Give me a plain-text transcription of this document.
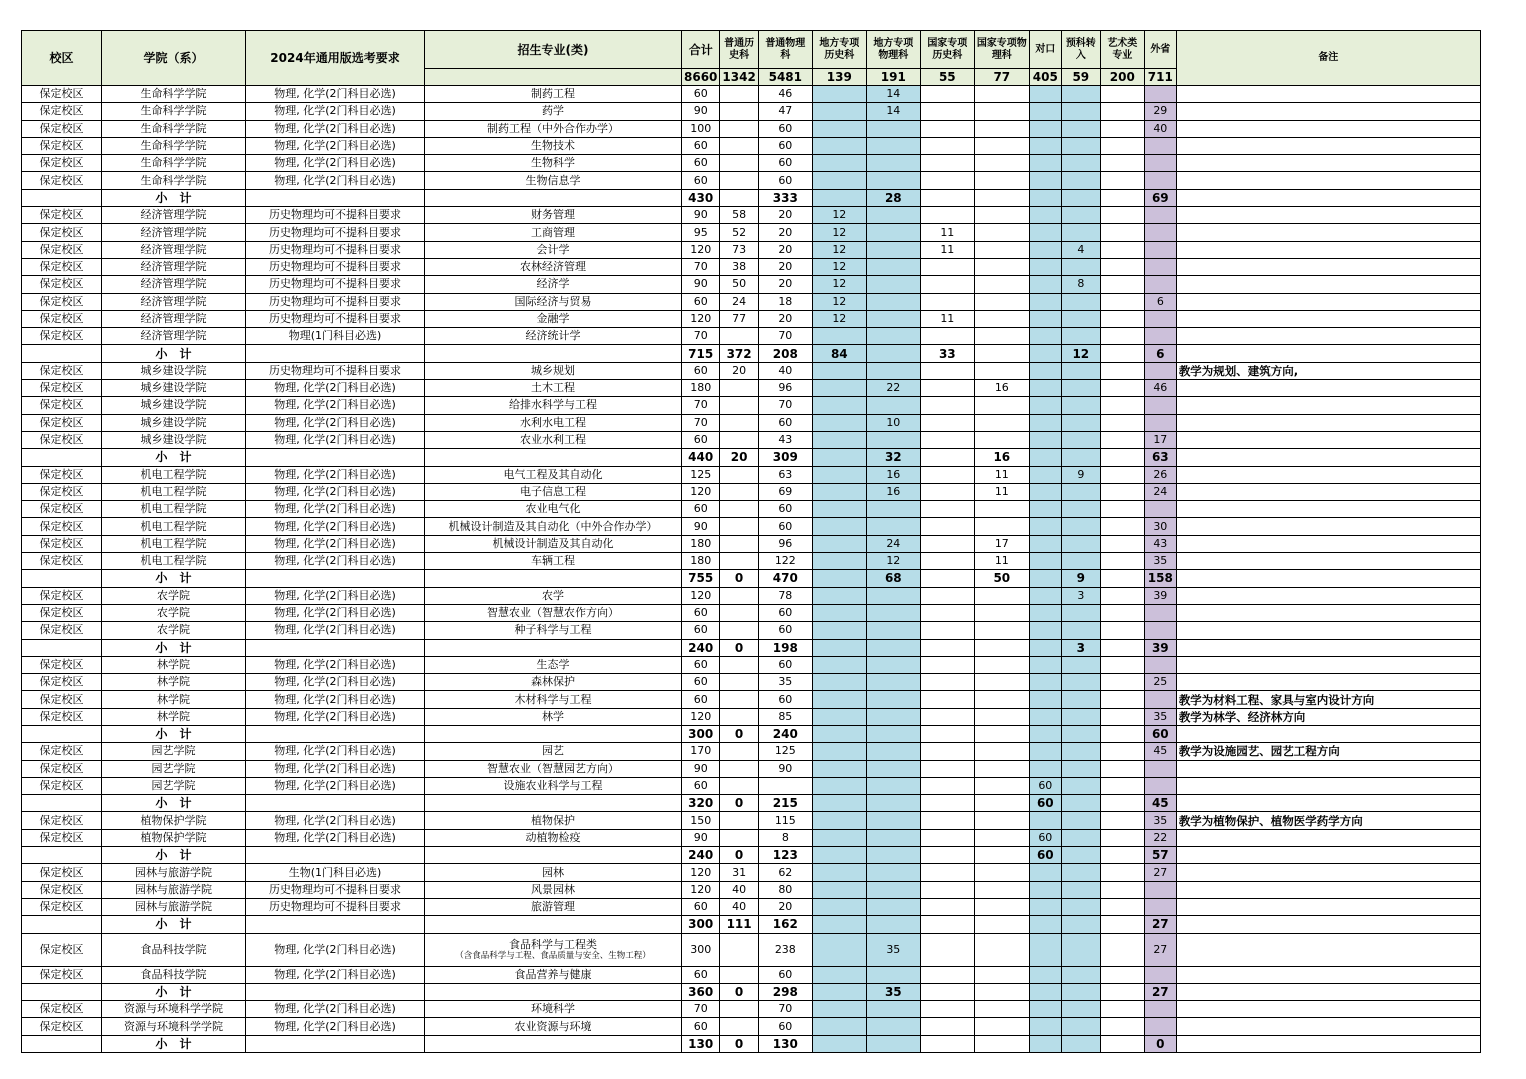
校区	学院（系）	2024年通用版选考要求	招生专业(类)	合计	普通历史科	普通物理科	地方专项历史科	地方专项物理科	国家专项历史科	国家专项物理科	对口	预科转入	艺术类专业	外省	备注
				8660	1342	5481	139	191	55	77	405	59	200	711	
保定校区	生命科学学院	物理, 化学(2门科目必选)	制药工程	60		46		14							
保定校区	生命科学学院	物理, 化学(2门科目必选)	药学	90		47		14						29	
保定校区	生命科学学院	物理, 化学(2门科目必选)	制药工程（中外合作办学）	100		60								40	
保定校区	生命科学学院	物理, 化学(2门科目必选)	生物技术	60		60									
保定校区	生命科学学院	物理, 化学(2门科目必选)	生物科学	60		60									
保定校区	生命科学学院	物理, 化学(2门科目必选)	生物信息学	60		60									
	小　计			430		333		28						69	
保定校区	经济管理学院	历史物理均可不提科目要求	财务管理	90	58	20	12								
保定校区	经济管理学院	历史物理均可不提科目要求	工商管理	95	52	20	12		11						
保定校区	经济管理学院	历史物理均可不提科目要求	会计学	120	73	20	12		11			4			
保定校区	经济管理学院	历史物理均可不提科目要求	农林经济管理	70	38	20	12								
保定校区	经济管理学院	历史物理均可不提科目要求	经济学	90	50	20	12					8			
保定校区	经济管理学院	历史物理均可不提科目要求	国际经济与贸易	60	24	18	12							6	
保定校区	经济管理学院	历史物理均可不提科目要求	金融学	120	77	20	12		11						
保定校区	经济管理学院	物理(1门科目必选)	经济统计学	70		70									
	小　计			715	372	208	84		33			12		6	
保定校区	城乡建设学院	历史物理均可不提科目要求	城乡规划	60	20	40									教学为规划、建筑方向,
保定校区	城乡建设学院	物理, 化学(2门科目必选)	土木工程	180		96		22		16				46	
保定校区	城乡建设学院	物理, 化学(2门科目必选)	给排水科学与工程	70		70									
保定校区	城乡建设学院	物理, 化学(2门科目必选)	水利水电工程	70		60		10							
保定校区	城乡建设学院	物理, 化学(2门科目必选)	农业水利工程	60		43								17	
	小　计			440	20	309		32		16				63	
保定校区	机电工程学院	物理, 化学(2门科目必选)	电气工程及其自动化	125		63		16		11		9		26	
保定校区	机电工程学院	物理, 化学(2门科目必选)	电子信息工程	120		69		16		11				24	
保定校区	机电工程学院	物理, 化学(2门科目必选)	农业电气化	60		60									
保定校区	机电工程学院	物理, 化学(2门科目必选)	机械设计制造及其自动化（中外合作办学）	90		60								30	
保定校区	机电工程学院	物理, 化学(2门科目必选)	机械设计制造及其自动化	180		96		24		17				43	
保定校区	机电工程学院	物理, 化学(2门科目必选)	车辆工程	180		122		12		11				35	
	小　计			755	0	470		68		50		9		158	
保定校区	农学院	物理, 化学(2门科目必选)	农学	120		78						3		39	
保定校区	农学院	物理, 化学(2门科目必选)	智慧农业（智慧农作方向）	60		60									
保定校区	农学院	物理, 化学(2门科目必选)	种子科学与工程	60		60									
	小　计			240	0	198						3		39	
保定校区	林学院	物理, 化学(2门科目必选)	生态学	60		60									
保定校区	林学院	物理, 化学(2门科目必选)	森林保护	60		35								25	
保定校区	林学院	物理, 化学(2门科目必选)	木材科学与工程	60		60									教学为材料工程、家具与室内设计方向
保定校区	林学院	物理, 化学(2门科目必选)	林学	120		85								35	教学为林学、经济林方向
	小　计			300	0	240								60	
保定校区	园艺学院	物理, 化学(2门科目必选)	园艺	170		125								45	教学为设施园艺、园艺工程方向
保定校区	园艺学院	物理, 化学(2门科目必选)	智慧农业（智慧园艺方向）	90		90									
保定校区	园艺学院	物理, 化学(2门科目必选)	设施农业科学与工程	60							60				
	小　计			320	0	215					60			45	
保定校区	植物保护学院	物理, 化学(2门科目必选)	植物保护	150		115								35	教学为植物保护、植物医学药学方向
保定校区	植物保护学院	物理, 化学(2门科目必选)	动植物检疫	90		8					60			22	
	小　计			240	0	123					60			57	
保定校区	园林与旅游学院	生物(1门科目必选)	园林	120	31	62								27	
保定校区	园林与旅游学院	历史物理均可不提科目要求	风景园林	120	40	80									
保定校区	园林与旅游学院	历史物理均可不提科目要求	旅游管理	60	40	20									
	小　计			300	111	162								27	
保定校区	食品科技学院	物理, 化学(2门科目必选)	食品科学与工程类
（含食品科学与工程、食品质量与安全、生物工程）	300		238		35						27	
保定校区	食品科技学院	物理, 化学(2门科目必选)	食品营养与健康	60		60									
	小　计			360	0	298		35						27	
保定校区	资源与环境科学学院	物理, 化学(2门科目必选)	环境科学	70		70									
保定校区	资源与环境科学学院	物理, 化学(2门科目必选)	农业资源与环境	60		60									
	小　计			130	0	130								0	
